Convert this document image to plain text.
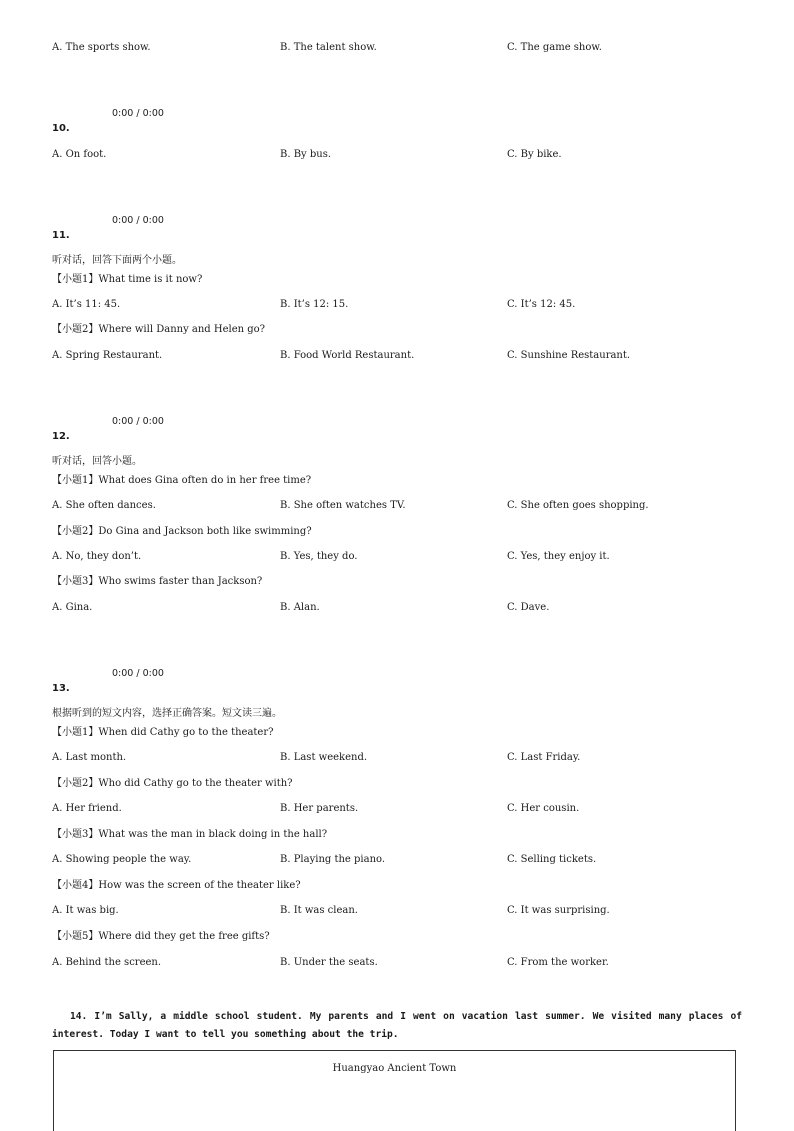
A. The sports show.	B. The talent show.	C. The game show.
0:00 / 0:00
10.
A. On foot.	B. By bus.	C. By bike.
0:00 / 0:00
11.
听对话，回答下面两个小题。
【小题1】What time is it now?
A. It’s 11: 45.	B. It’s 12: 15.	C. It’s 12: 45.
【小题2】Where will Danny and Helen go?
A. Spring Restaurant.	B. Food World Restaurant.	C. Sunshine Restaurant.
0:00 / 0:00
12.
听对话，回答小题。
【小题1】What does Gina often do in her free time?
A. She often dances.	B. She often watches TV.	C. She often goes shopping.
【小题2】Do Gina and Jackson both like swimming?
A. No, they don’t.	B. Yes, they do.	C. Yes, they enjoy it.
【小题3】Who swims faster than Jackson?
A. Gina.	B. Alan.	C. Dave.
0:00 / 0:00
13.
根据听到的短文内容，选择正确答案。短文读三遍。
【小题1】When did Cathy go to the theater?
A. Last month.	B. Last weekend.	C. Last Friday.
【小题2】Who did Cathy go to the theater with?
A. Her friend.	B. Her parents.	C. Her cousin.
【小题3】What was the man in black doing in the hall?
A. Showing people the way.	B. Playing the piano.	C. Selling tickets.
【小题4】How was the screen of the theater like?
A. It was big.	B. It was clean.	C. It was surprising.
【小题5】Where did they get the free gifts?
A. Behind the screen.	B. Under the seats.	C. From the worker.
14. I’m Sally, a middle school student. My parents and I went on vacation last summer. We visited many places of interest. Today I want to tell you something about the trip.
Huangyao Ancient Town
